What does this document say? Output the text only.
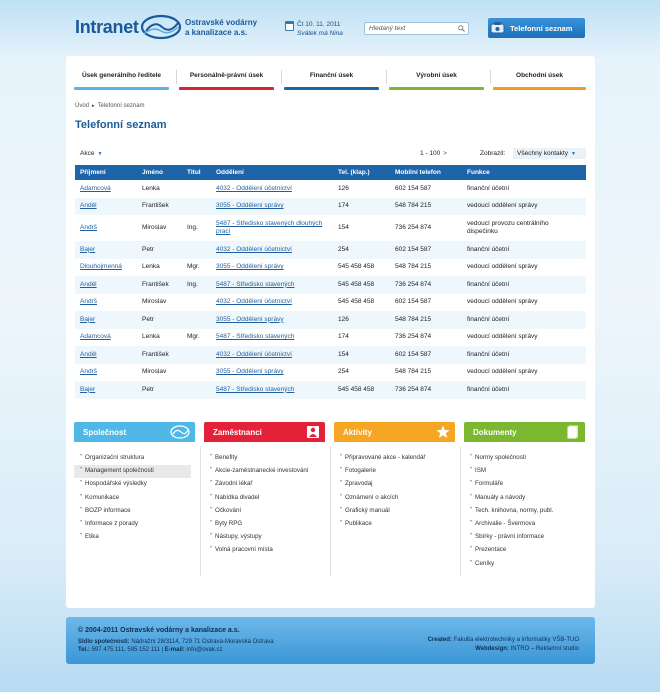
Intranet	Ostravské vodárny
a kanalizace a.s.
Čt 10. 11. 2011
Svátek má Nina
Hledaný text	Telefonní seznam
Úsek generálního ředitele	Personálně-právní úsek	Finanční úsek	Výrobní úsek	Obchodní úsek
Úvod ▸ Telefonní seznam
Telefonní seznam
Akce ▼	1 - 100 >	Zobrazit:	Všechny kontakty ▼
Příjmení	Jméno	Titul	Oddělení	Tel. (klap.)	Mobilní telefon	Funkce
Adamcová	Lenka		4032 - Oddělení účetnictví	126	602 154 587	finanční účetní
Anděl	František		3055 - Oddělení správy	174	548 784 215	vedoucí oddělení správy
Andrš	Miroslav	Ing.	5487 - Středisko stavených dlouhých prací	154	736 254 874	vedoucí provozu centrálního dispečinku
Bajer	Petr		4032 - Oddělení účetnictví	254	602 154 587	finanční účetní
Dlouhojmenná	Lenka	Mgr.	3055 - Oddělení správy	545 458 458	548 784 215	vedoucí oddělení správy
Anděl	František	Ing.	5487 - Středisko stavených	545 458 458	736 254 874	finanční účetní
Andrš	Miroslav		4032 - Oddělení účetnictví	545 458 458	602 154 587	vedoucí oddělení správy
Bajer	Petr		3055 - Oddělení správy	126	548 784 215	finanční účetní
Adamcová	Lenka	Mgr.	5487 - Středisko stavených	174	736 254 874	vedoucí oddělení správy
Anděl	František		4032 - Oddělení účetnictví	154	602 154 587	finanční účetní
Andrš	Miroslav		3055 - Oddělení správy	254	548 784 215	vedoucí oddělení správy
Bajer	Petr		5487 - Středisko stavených	545 458 458	736 254 874	finanční účetní
Společnost
• Organizační struktura
• Management společnosti
• Hospodářské výsledky
• Komunikace
• BOZP informace
• Informace z porady
• Etika
Zaměstnanci
• Benefity
• Akcie-zaměstnanecké investování
• Závodní lékař
• Nabídka divadel
• Očkování
• Byty RPG
• Nástupy, výstupy
• Volná pracovní místa
Aktivity
• Připravované akce - kalendář
• Fotogalerie
• Zpravodaj
• Oznámení o akcích
• Grafický manuál
• Publikace
Dokumenty
• Normy společnosti
• ISM
• Formuláře
• Manuály a návody
• Tech. knihovna, normy, publ.
• Archivalie - Švermova
• Sbírky - právní informace
• Prezentace
• Ceníky
© 2004-2011 Ostravské vodárny a kanalizace a.s.
Sídlo společnosti: Nádražní 28/3114, 729 71 Ostrava-Moravská Ostrava
Tel.: 597 475 111, 595 152 111 | E-mail: info@ovak.cz
Created: Fakulta elektrotechniky a informatiky VŠB-TUO
Webdesign: INTRO – Reklamní studio
